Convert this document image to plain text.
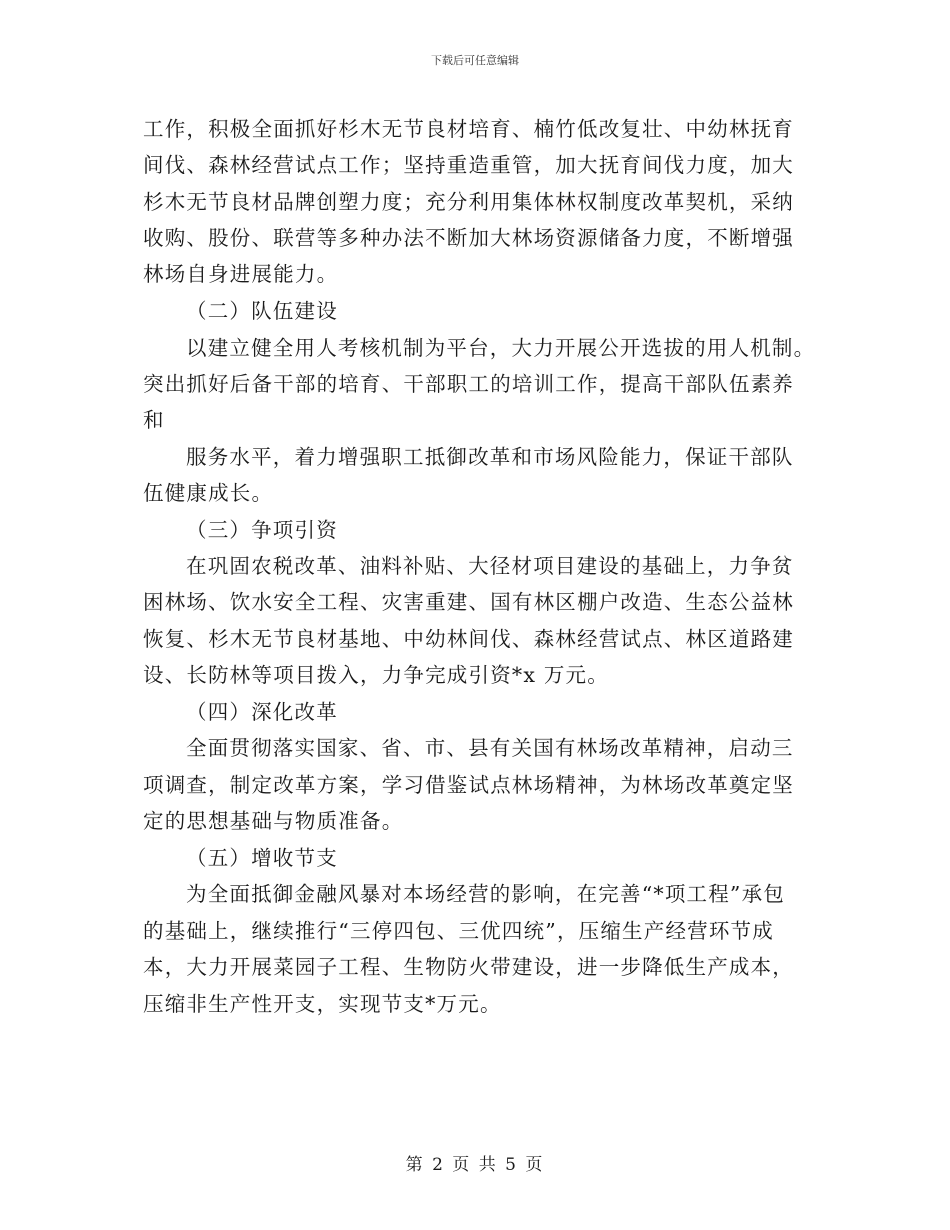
下载后可任意编辑
工作，积极全面抓好杉木无节良材培育、楠竹低改复壮、中幼林抚育
间伐、森林经营试点工作；坚持重造重管，加大抚育间伐力度，加大
杉木无节良材品牌创塑力度；充分利用集体林权制度改革契机，采纳
收购、股份、联营等多种办法不断加大林场资源储备力度，不断增强
林场自身进展能力。
（二）队伍建设
以建立健全用人考核机制为平台，大力开展公开选拔的用人机制。
突出抓好后备干部的培育、干部职工的培训工作，提高干部队伍素养
和
服务水平，着力增强职工抵御改革和市场风险能力，保证干部队
伍健康成长。
（三）争项引资
在巩固农税改革、油料补贴、大径材项目建设的基础上，力争贫
困林场、饮水安全工程、灾害重建、国有林区棚户改造、生态公益林
恢复、杉木无节良材基地、中幼林间伐、森林经营试点、林区道路建
设、长防林等项目拨入，力争完成引资*x 万元。
（四）深化改革
全面贯彻落实国家、省、市、县有关国有林场改革精神，启动三
项调查，制定改革方案，学习借鉴试点林场精神，为林场改革奠定坚
定的思想基础与物质准备。
（五）增收节支
为全面抵御金融风暴对本场经营的影响，在完善“*项工程”承包
的基础上，继续推行“三停四包、三优四统”，压缩生产经营环节成
本，大力开展菜园子工程、生物防火带建设，进一步降低生产成本，
压缩非生产性开支，实现节支*万元。
第 2 页 共 5 页
